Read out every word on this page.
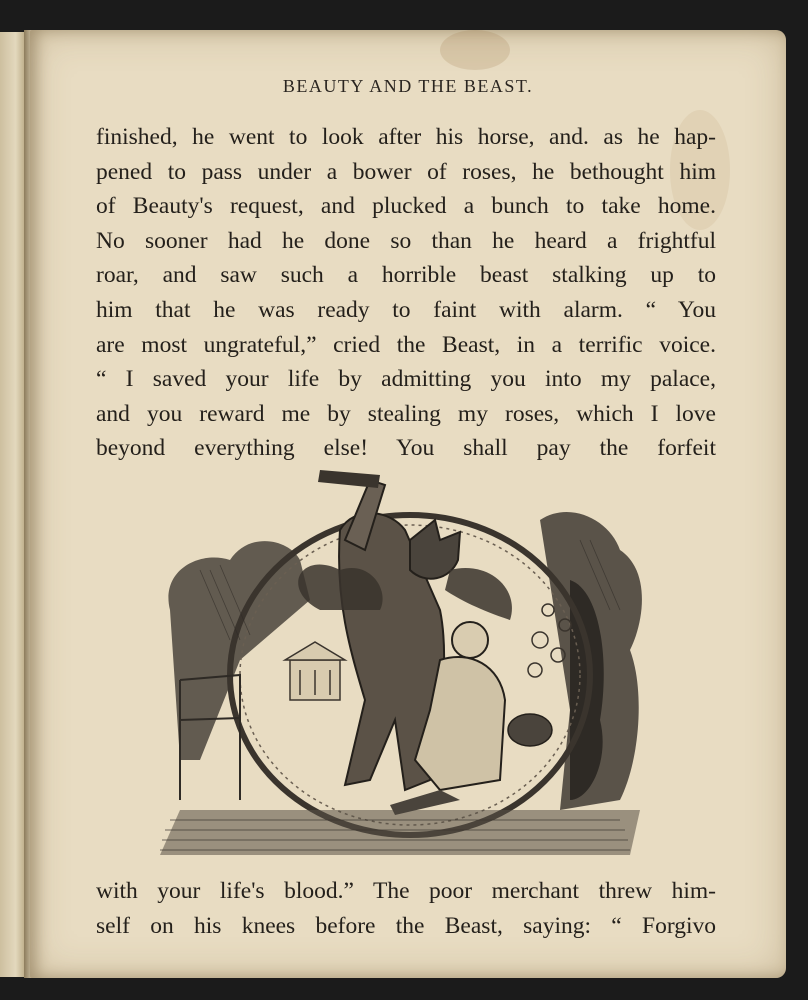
BEAUTY AND THE BEAST.
finished, he went to look after his horse, and. as he hap-
pened to pass under a bower of roses, he bethought him
of Beauty's request, and plucked a bunch to take home.
No sooner had he done so than he heard a frightful
roar, and saw such a horrible beast stalking up to
him that he was ready to faint with alarm. “ You
are most ungrateful,” cried the Beast, in a terrific voice.
“ I saved your life by admitting you into my palace,
and you reward me by stealing my roses, which I love
beyond everything else! You shall pay the forfeit
with your life's blood.” The poor merchant threw him-
self on his knees before the Beast, saying: “ Forgivo
